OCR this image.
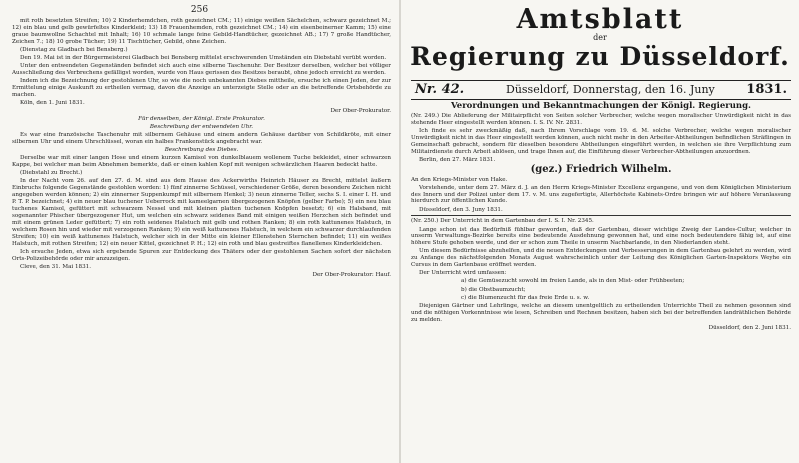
256

mit roth besetzten Streifen; 10) 2 Kinderhemdchen, roth gezeichnet CM.; 11) einige weißen Sächelchen, schwarz gezeichnet M.; 12) ein blau und gelb gewürfeltes Kinderkleid; 13) 18 Frauenhemden, roth gezeichnet CM.; 14) ein eisenbeinerner Kamm; 15) eine graue baumwollne Schachtel mit Inhalt; 16) 10 schmale lange feine Gebild-Handtücher, gezeichnet AB.; 17) 7 große Handtücher, Zeichen 7.; 18) 10 grobe Tücher; 19) 11 Tischtücher, Gebild, ohne Zeichen.

(Dienstag zu Gladbach bei Bensberg.)

Den 19. Mai ist in der Bürgermeisterei Gladbach bei Bensberg mittelst erschwerenden Umständen ein Diebstahl verübt worden.

Unter den entwendeten Gegenständen befindet sich auch eine silberne Taschenuhr. Der Besitzer derselben, welcher bei völliger Ausschließung des Verbrechens gefälligst worden, wurde von Haus gerissen des Besitzes beraubt, ohne jedoch erreicht zu werden.

Indem ich die Bezeichnung der gestohlenen Uhr, so wie die noch unbekannten Diebes mittheile, ersuche ich einen Jeden, der zur Ermittelung einige Auskunft zu ertheilen vermag, davon die Anzeige an unterzeigte Stelle oder an die betreffende Ortsbehörde zu machen.

Köln, den 1. Juni 1831.

Der Ober-Prokurator.

Für denselben, der Königl. Erste Prokurator.

Beschreibung der entwendeten Uhr.

Es war eine französische Taschenuhr mit silbernem Gehäuse und einem andern Gehäuse darüber von Schildkröte, mit einer silbernen Uhr und einem Uhrschlüssel, woran ein halbes Frankenstück angebracht war.

Beschreibung des Diebes.

Derselbe war mit einer langen Hose und einem kurzen Kamisol von dunkelblauem wollenem Tuche bekleidet, einer schwarzen Kappe, bei welcher man beim Abnehmen bemerkte, daß er einen kahlen Kopf mit wenigen schwärzlichen Haaren bedeckt hatte.

(Diebstahl zu Brecht.)

In der Nacht vom 26. auf den 27. d. M. sind aus dem Hause des Ackerwirths Heinrich Häuser zu Brecht, mittelst äußern Einbruchs folgende Gegenstände gestohlen worden: 1) fünf zinnerne Schüssel, verschiedener Größe, deren besondere Zeichen nicht angegeben werden können; 2) ein zinnerner Suppenkumpf mit silbernem Henkel; 3) neun zinnerne Teller, sechs S. I. einer I. H. und P. T. P. bezeichnet; 4) ein neuer blau tuchener Ueberrock mit kameelgarnen übergezogenen Knöpfen (gelber Farbe); 5) ein neu blau tuchenes Kamisol, gefüttert mit schwarzem Nessel und mit kleinen platten tuchenen Knöpfen besetzt; 6) ein Halsband, mit sogenannter Phischer übergezogener Hut, um welchen ein schwarz seidenes Band mit einigen weißen Herzchen sich befindet und mit einem grünen Leder gefüttert; 7) ein roth seidenes Halstuch mit gelb und rothen Ranken; 8) ein roth kattunenes Halstuch, in welchem Rosen hin und wieder mit verzogenen Ranken; 9) ein weiß kattunenes Halstuch, in welchem ein schwarzer durchlaufenden Streifen; 10) ein weiß kattunenes Halstuch, welcher sich in der Mitte ein kleiner Ellenstehen Sternchen befindet; 11) ein weißes Halstuch, mit rothen Streifen; 12) ein neuer Kittel, gezeichnet P. H.; 12) ein roth und blau gestreiftes flanellenes Kinderkleidchen.

Ich ersuche Jeden, etwa sich ergebende Spuren zur Entdeckung des Thäters oder der gestohlenen Sachen sofort der nächsten Orts-Polizeibehörde oder mir anzuzeigen.

Cleve, den 31. Mai 1831.

Der Ober-Prokurator: Hauf.

Amtsblatt
der
Regierung zu Düsseldorf.
Nr. 42.	Düsseldorf, Donnerstag, den 16. Juny 1831.
Verordnungen und Bekanntmachungen der Königl. Regierung.

(Nr. 249.) Die Ablieferung der Militairpflicht von Seiten solcher Verbrecher, welche wegen moralischer Unwürdigkeit nicht in das stehende Heer eingestellt werden können. I. S. IV. Nr. 2831.

Ich finde es sehr zweckmäßig daß, nach Ihrem Vorschlage vom 19. d. M. solche Verbrecher, welche wegen moralischer Unwürdigkeit nicht in das Heer eingestellt werden können, auch nicht mehr in den Arbeiter-Abtheilungen befindlichen Sträflingen in Gemeinschaft gebracht, sondern für dieselben besondere Abtheilungen eingeführt werden, in welchen sie ihre Verpflichtung zum Militairdienste durch Arbeit ablösen, und trage Ihnen auf, die Einführung dieser Verbrecher-Abtheilungen anzuordnen.

Berlin, den 27. März 1831.

(gez.) Friedrich Wilhelm.

An den Kriegs-Minister von Hake.

Vorstehende, unter dem 27. März d. J. an den Herrn Kriegs-Minister Excellenz ergangene, und von dem Königlichen Ministerium des Innern und der Polizei unter dem 17. v. M. uns zugefertigte, Allerhöchste Kabinets-Ordre bringen wir auf höhere Veranlassung hierdurch zur öffentlichen Kunde.

Düsseldorf, den 3. Juny 1831.

(Nr. 250.) Der Unterricht in dem Gartenbau der I. S. I. Nr. 2345.

Lange schon ist das Bedürfniß fühlbar geworden, daß der Gartenbau, dieser wichtige Zweig der Landes-Cultur, welcher in unserm Verwaltungs-Bezirke bereits eine bedeutende Ausdehnung gewonnen hat, und eine noch bedeutendere fähig ist, auf eine höhere Stufe gehoben werde, und der er schon zum Theile in unserm Nachbarlande, in den Niederlanden steht.

Um diesem Bedürfnisse abzuhelfen, und die neuen Entdeckungen und Verbesserungen in dem Gartenbau gelehrt zu werden, wird zu Anfange des nächstfolgenden Monats August wahrscheinlich unter der Leitung des Königlichen Garten-Inspektors Weyhe ein Cursus in dem Gartenbaue eröffnet werden.

Der Unterricht wird umfassen:

a) die Gemüsezucht sowohl im freien Lande, als in den Mist- oder Frühbeeten;

b) die Obstbaumzucht;

c) die Blumenzucht für das freie Erde u. s. w.

Diejenigen Gärtner und Lehrlinge, welche an diesem unentgeltlich zu ertheilenden Unterrichte Theil zu nehmen gesonnen sind und die nöthigen Vorkenntnisse wie lesen, Schreiben und Rechnen besitzen, haben sich bei der betreffenden landräthlichen Behörde zu melden.

Düsseldorf, den 2. Juni 1831.
